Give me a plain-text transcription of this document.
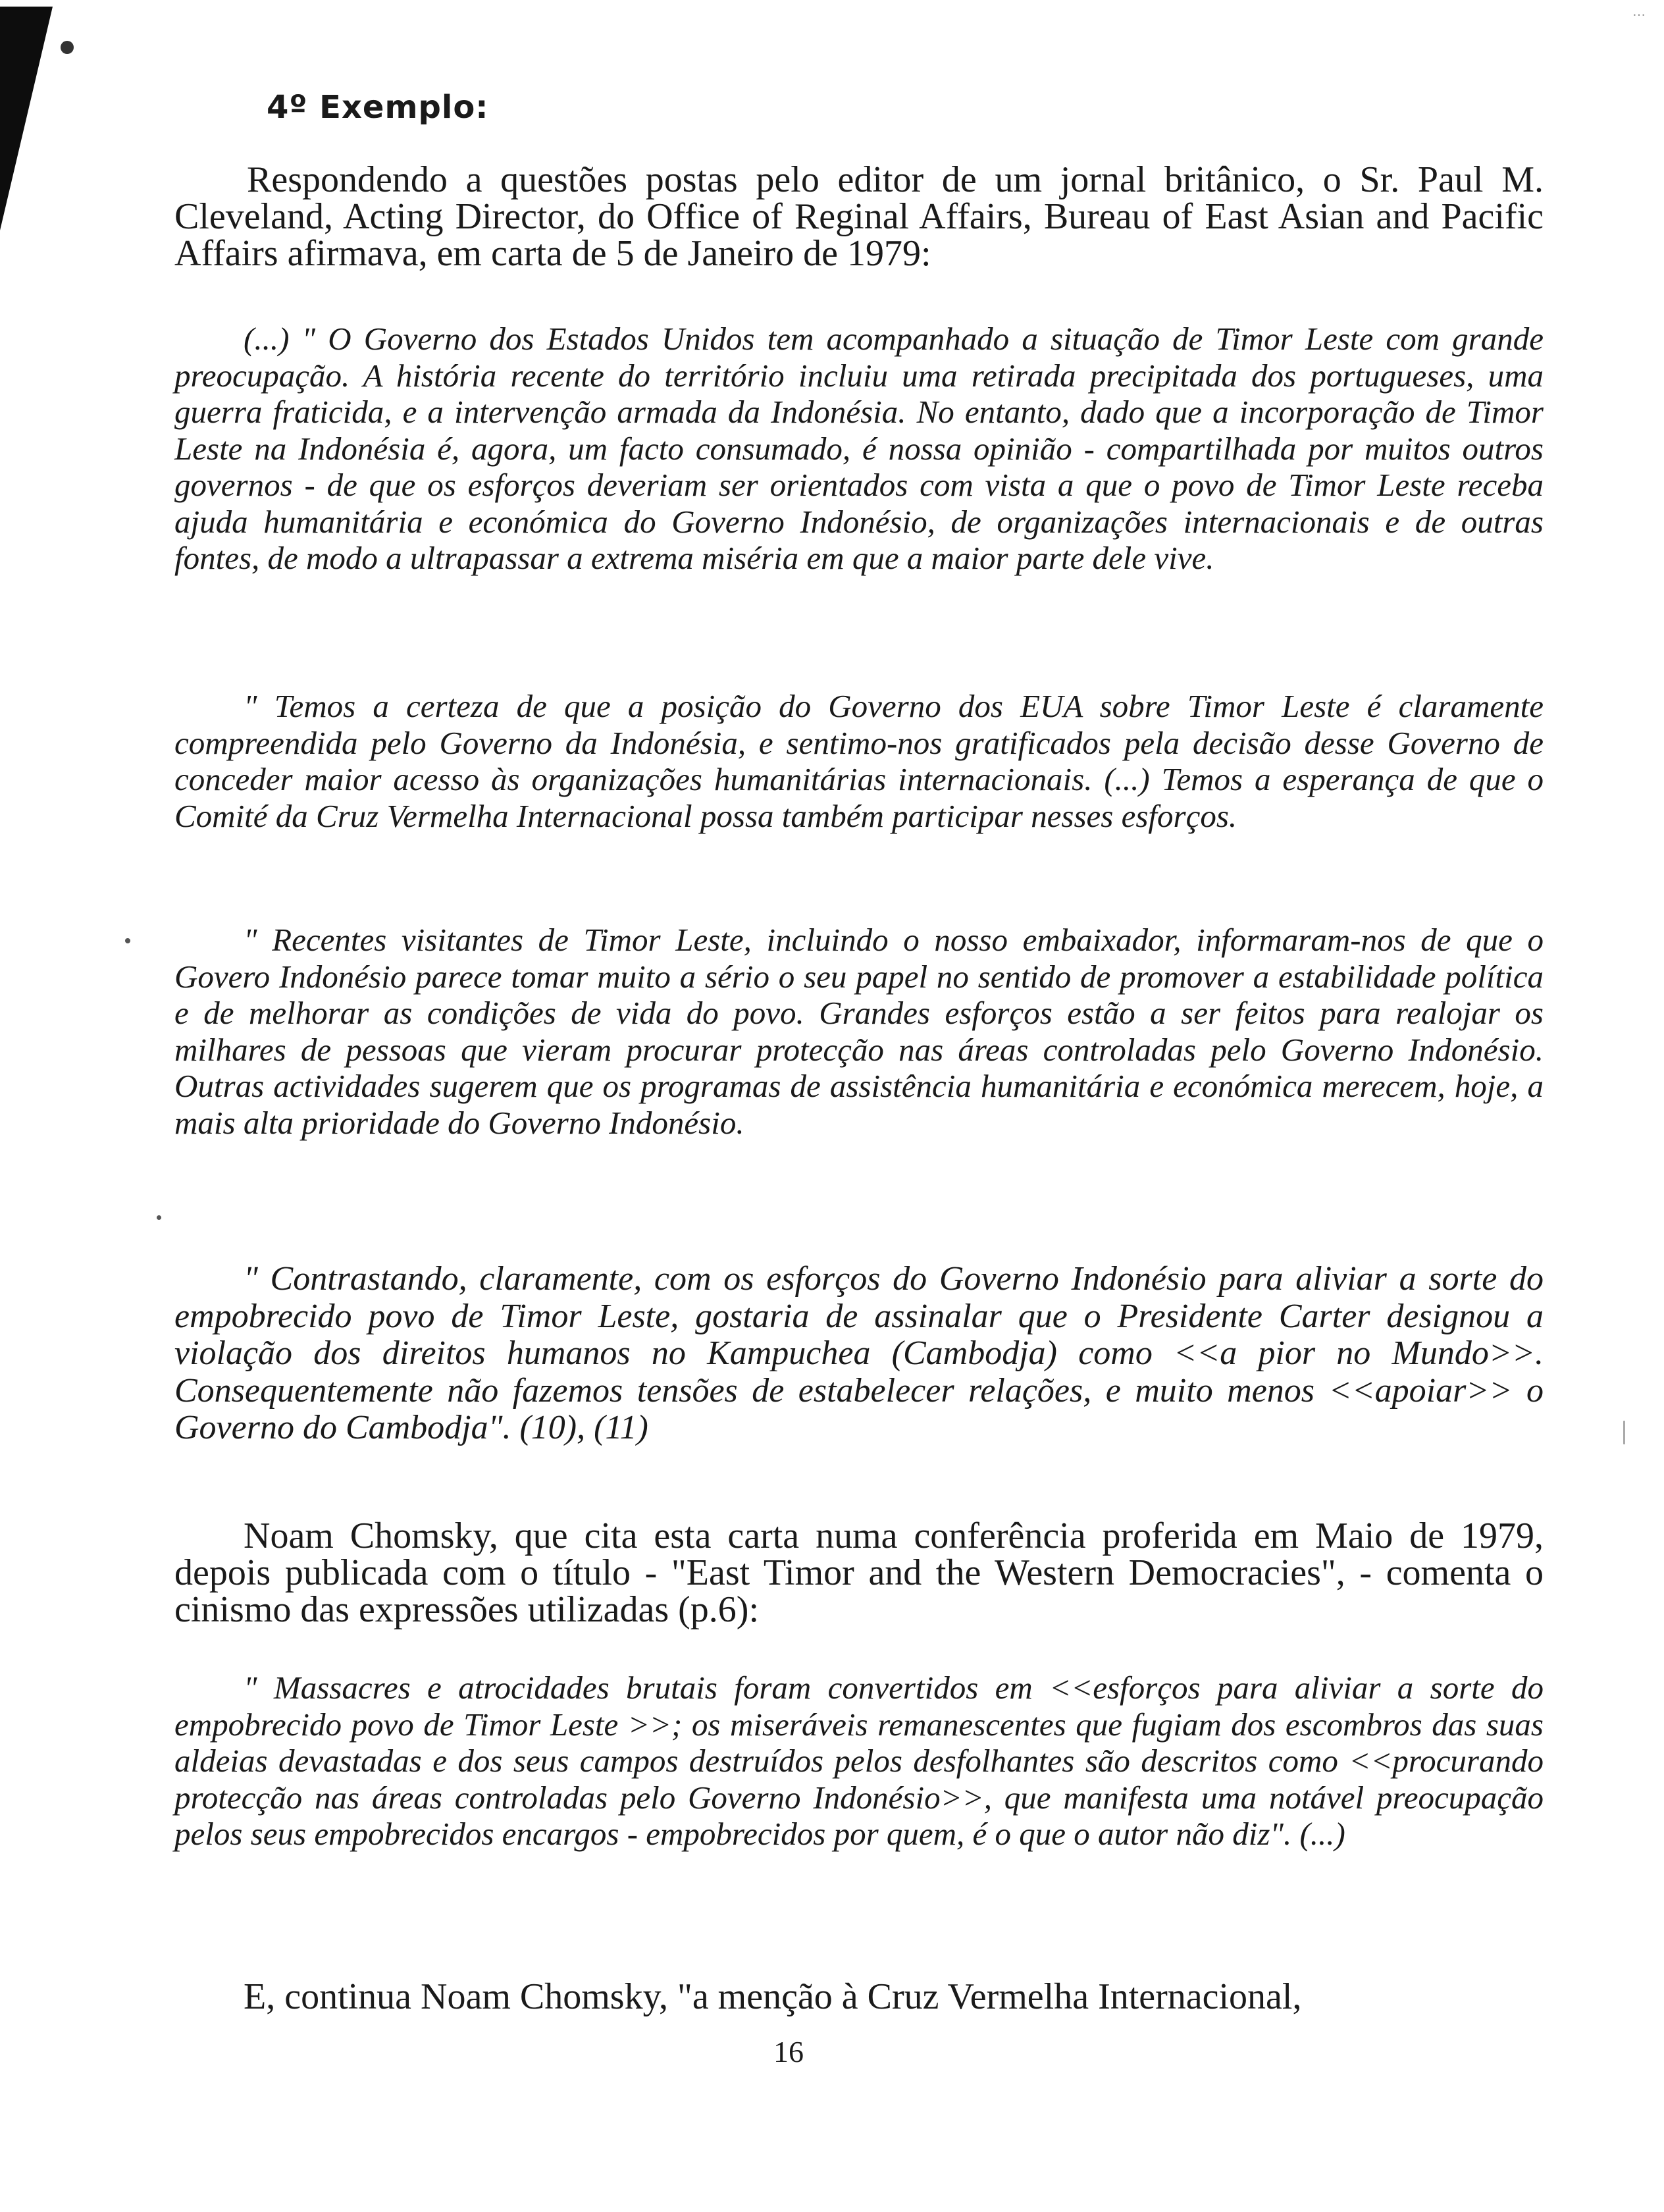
⋯
4º Exemplo:

Respondendo a questões postas pelo editor de um jornal britânico, o Sr. Paul M. Cleveland, Acting Director, do Office of Reginal Affairs, Bureau of East Asian and Pacific Affairs afirmava, em carta de 5 de Janeiro de 1979:

(...) " O Governo dos Estados Unidos tem acompanhado a situação de Timor Leste com grande preocupação. A história recente do território incluiu uma retirada precipitada dos portugueses, uma guerra fraticida, e a intervenção armada da Indonésia. No entanto, dado que a incorporação de Timor Leste na Indonésia é, agora, um facto consumado, é nossa opinião - compartilhada por muitos outros governos - de que os esforços deveriam ser orientados com vista a que o povo de Timor Leste receba ajuda humanitária e económica do Governo Indonésio, de organizações internacionais e de outras fontes, de modo a ultrapassar a extrema miséria em que a maior parte dele vive.

" Temos a certeza de que a posição do Governo dos EUA sobre Timor Leste é claramente compreendida pelo Governo da Indonésia, e sentimo-nos gratificados pela decisão desse Governo de conceder maior acesso às organizações humanitárias internacionais. (...) Temos a esperança de que o Comité da Cruz Vermelha Internacional possa também participar nesses esforços.

" Recentes visitantes de Timor Leste, incluindo o nosso embaixador, informaram-nos de que o Govero Indonésio parece tomar muito a sério o seu papel no sentido de promover a estabilidade política e de melhorar as condições de vida do povo. Grandes esforços estão a ser feitos para realojar os milhares de pessoas que vieram procurar protecção nas áreas controladas pelo Governo Indonésio. Outras actividades sugerem que os programas de assistência humanitária e económica merecem, hoje, a mais alta prioridade do Governo Indonésio.

" Contrastando, claramente, com os esforços do Governo Indonésio para aliviar a sorte do empobrecido povo de Timor Leste, gostaria de assinalar que o Presidente Carter designou a violação dos direitos humanos no Kampuchea (Cambodja) como <<a pior no Mundo>>. Consequentemente não fazemos tensões de estabelecer relações, e muito menos <<apoiar>> o Governo do Cambodja". (10), (11)

Noam Chomsky, que cita esta carta numa conferência proferida em Maio de 1979, depois publicada com o título - "East Timor and the Western Democracies", - comenta o cinismo das expressões utilizadas (p.6):

" Massacres e atrocidades brutais foram convertidos em <<esforços para aliviar a sorte do empobrecido povo de Timor Leste >>; os miseráveis remanescentes que fugiam dos escombros das suas aldeias devastadas e dos seus campos destruídos pelos desfolhantes são descritos como <<procurando protecção nas áreas controladas pelo Governo Indonésio>>, que manifesta uma notável preocupação pelos seus empobrecidos encargos - empobrecidos por quem, é o que o autor não diz". (...)

E, continua Noam Chomsky, "a menção à Cruz Vermelha Internacional,

16
